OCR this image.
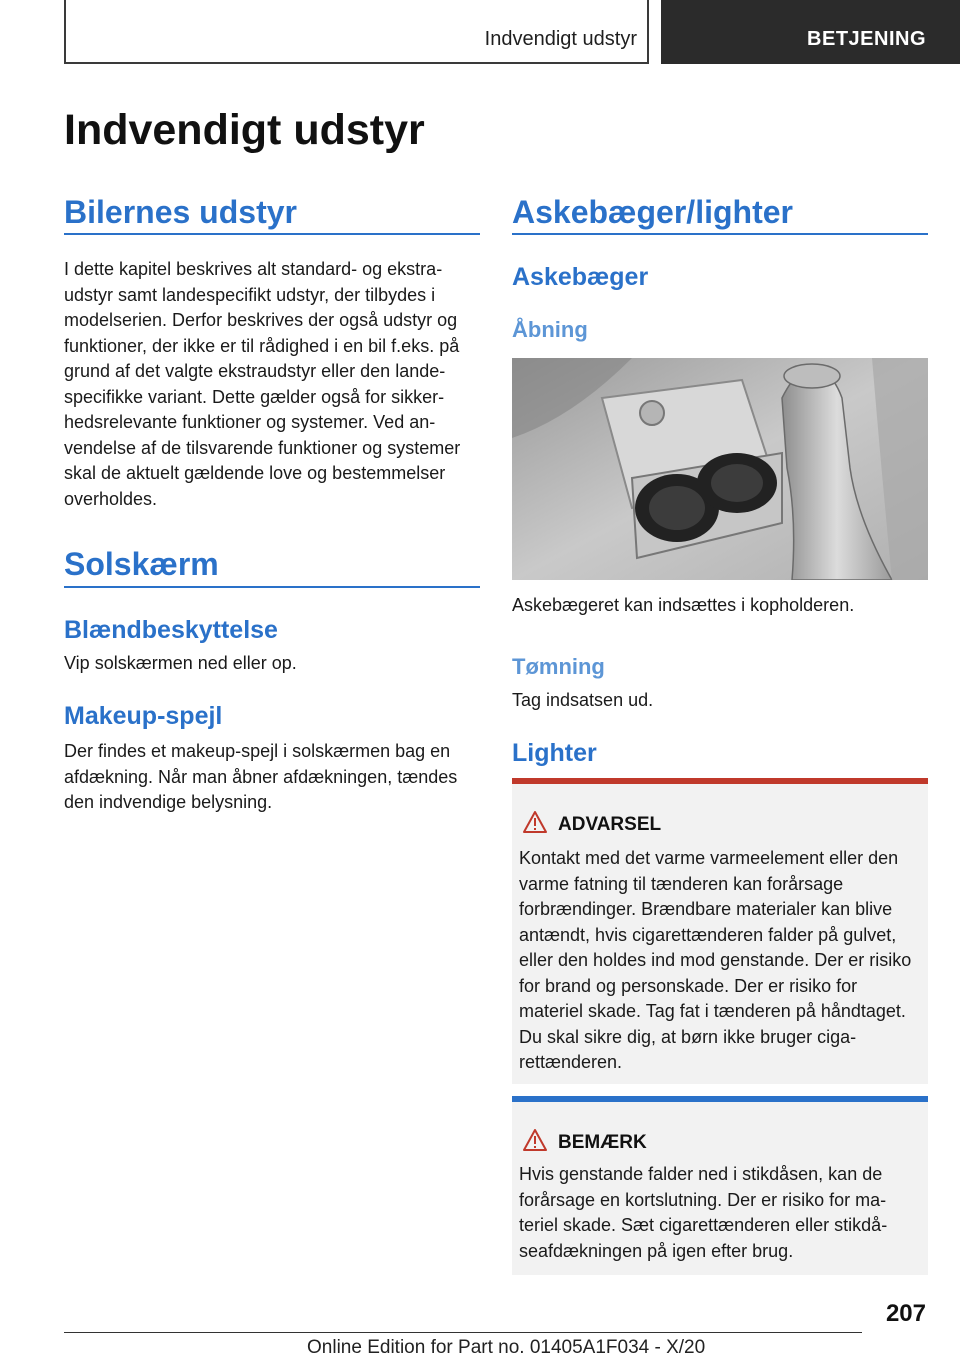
Indvendigt udstyr	BETJENING
Indvendigt udstyr
Bilernes udstyr

I dette kapitel beskrives alt standard- og ekstraudstyr samt landespecifikt udstyr, der tilbydes i modelserien. Derfor beskrives der også udstyr og funktioner, der ikke er til rådighed i en bil f.eks. på grund af det valgte ekstraudstyr eller den landespecifikke variant. Dette gælder også for sikkerhedsrelevante funktioner og systemer. Ved anvendelse af de tilsvarende funktioner og systemer skal de aktuelt gældende love og bestemmelser overholdes.

Solskærm
Blændbeskyttelse

Vip solskærmen ned eller op.

Makeup-spejl

Der findes et makeup-spejl i solskærmen bag en afdækning. Når man åbner afdækningen, tændes den indvendige belysning.

Askebæger/lighter
Askebæger
Åbning

Askebægeret kan indsættes i kopholderen.

Tømning

Tag indsatsen ud.

Lighter
ADVARSEL

Kontakt med det varme varmeelement eller den varme fatning til tænderen kan forårsage forbrændinger. Brændbare materialer kan blive antændt, hvis cigarettænderen falder på gulvet, eller den holdes ind mod genstande. Der er risiko for brand og personskade. Der er risiko for materiel skade. Tag fat i tænderen på håndtaget. Du skal sikre dig, at børn ikke bruger cigarettænderen.

BEMÆRK

Hvis genstande falder ned i stikdåsen, kan de forårsage en kortslutning. Der er risiko for materiel skade. Sæt cigarettænderen eller stikdåseafdækningen på igen efter brug.

207
Online Edition for Part no. 01405A1F034 - X/20
